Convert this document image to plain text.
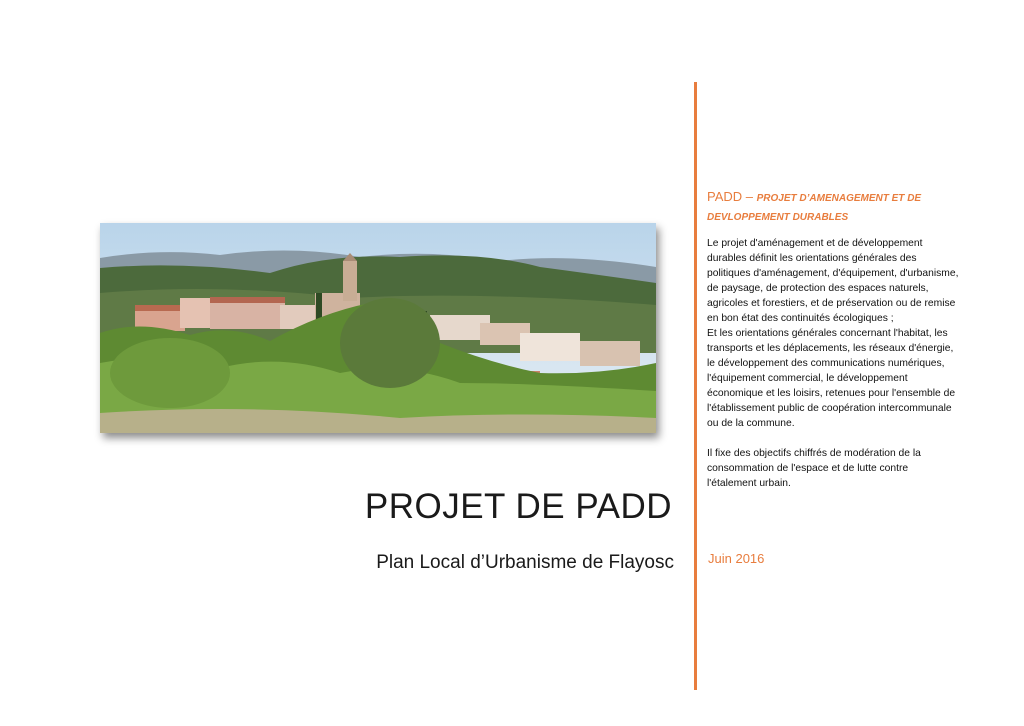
PROJET DE PADD
Plan Local d’Urbanisme de Flayosc
PADD – PROJET D’AMENAGEMENT ET DE DEVLOPPEMENT DURABLES

Le projet d'aménagement et de développement durables définit les orientations générales des politiques d'aménagement, d'équipement, d'urbanisme, de paysage, de protection des espaces naturels, agricoles et forestiers, et de préservation ou de remise en bon état des continuités écologiques ;

Et les orientations générales concernant l'habitat, les transports et les déplacements, les réseaux d'énergie, le développement des communications numériques, l'équipement commercial, le développement économique et les loisirs, retenues pour l'ensemble de l'établissement public de coopération intercommunale ou de la commune.

Il fixe des objectifs chiffrés de modération de la consommation de l'espace et de lutte contre l'étalement urbain.

Juin 2016
